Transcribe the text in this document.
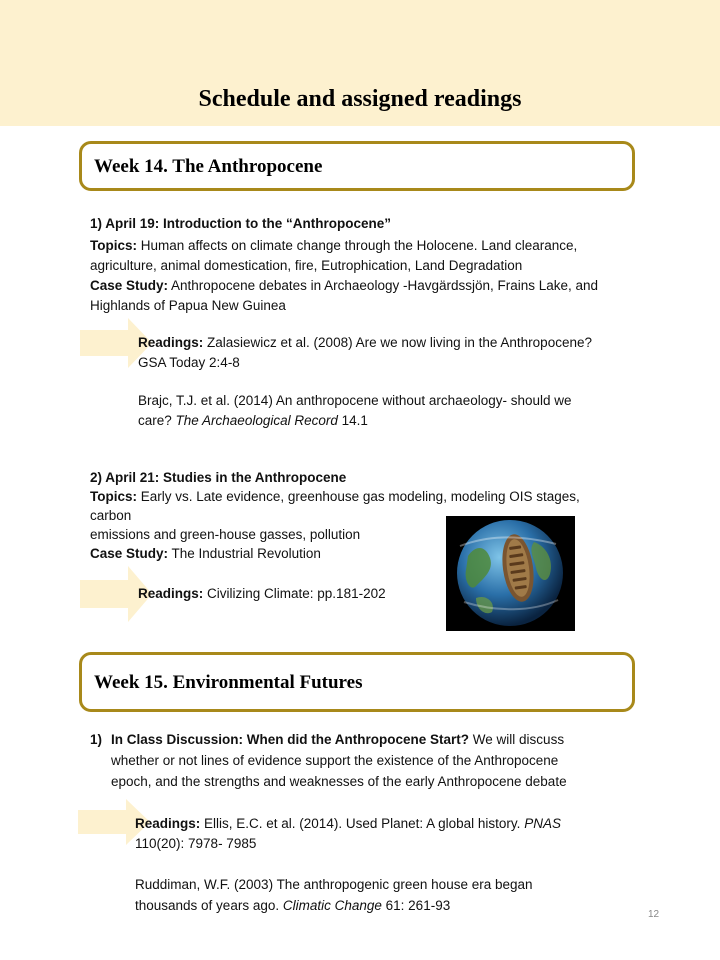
Schedule and assigned readings
Week 14. The Anthropocene
1) April 19: Introduction to the “Anthropocene”
Topics: Human affects on climate change through the Holocene. Land clearance,
agriculture, animal domestication, fire, Eutrophication, Land Degradation
Case Study: Anthropocene debates in Archaeology -Havgärdssjön, Frains Lake, and
Highlands of Papua New Guinea
Readings: Zalasiewicz et al. (2008) Are we now living in the Anthropocene?
GSA Today 2:4-8
Brajc, T.J. et al. (2014) An anthropocene without archaeology- should we
care? The Archaeological Record 14.1
2) April 21: Studies in the Anthropocene
Topics: Early vs. Late evidence, greenhouse gas modeling, modeling OIS stages,
carbon
emissions and green-house gasses, pollution
Case Study: The Industrial Revolution
Readings: Civilizing Climate: pp.181-202
Week 15. Environmental Futures
1) In Class Discussion: When did the Anthropocene Start? We will discuss
whether or not lines of evidence support the existence of the Anthropocene
epoch, and the strengths and weaknesses of the early Anthropocene debate
Readings: Ellis, E.C. et al. (2014). Used Planet: A global history. PNAS
110(20): 7978- 7985
Ruddiman, W.F. (2003) The anthropogenic green house era began
thousands of years ago. Climatic Change 61: 261-93
12
